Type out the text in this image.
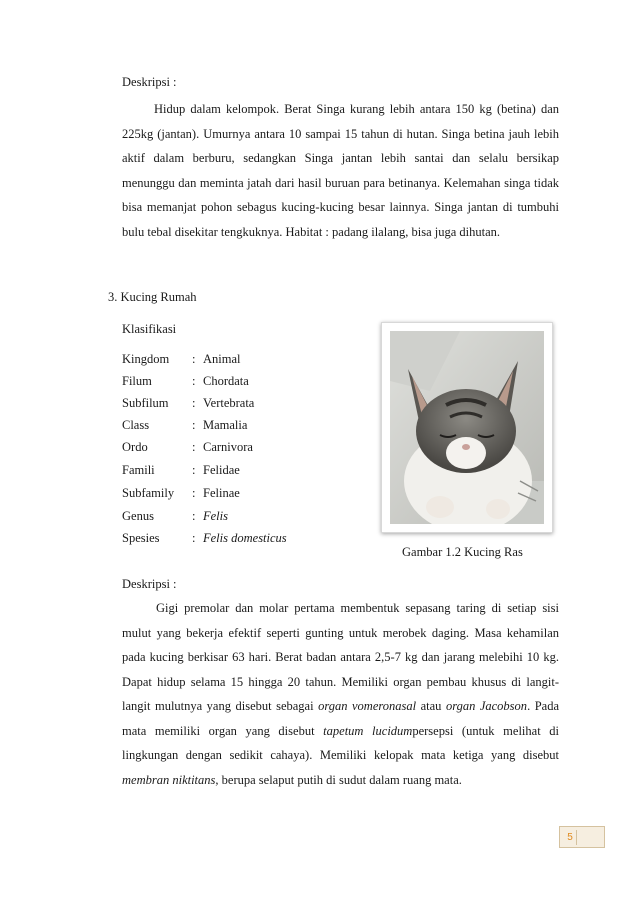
Deskripsi :

Hidup dalam kelompok. Berat Singa kurang lebih antara 150 kg (betina) dan 225kg (jantan). Umurnya antara 10 sampai 15 tahun di hutan. Singa betina jauh lebih aktif dalam berburu, sedangkan Singa jantan lebih santai dan selalu bersikap menunggu dan meminta jatah dari hasil buruan para betinanya. Kelemahan singa tidak bisa memanjat pohon sebagus kucing-kucing besar lainnya. Singa jantan di tumbuhi bulu tebal disekitar tengkuknya. Habitat : padang ilalang, bisa juga dihutan.

3. Kucing Rumah
Klasifikasi
Kingdom : Animal
Filum	: Chordata
Subfilum : Vertebrata
Class	: Mamalia
Ordo	: Carnivora
Famili	: Felidae
Subfamily : Felinae
Genus	: Felis
Spesies	: Felis domesticus
Gambar 1.2 Kucing Ras
Deskripsi :

Gigi premolar dan molar pertama membentuk sepasang taring di setiap sisi mulut yang bekerja efektif seperti gunting untuk merobek daging. Masa kehamilan pada kucing berkisar 63 hari. Berat badan antara 2,5-7 kg dan jarang melebihi 10 kg. Dapat hidup selama 15 hingga 20 tahun. Memiliki organ pembau khusus di langit-langit mulutnya yang disebut sebagai organ vomeronasal atau organ Jacobson. Pada mata memiliki organ yang disebut tapetum lucidumpersepsi (untuk melihat di lingkungan dengan sedikit cahaya). Memiliki kelopak mata ketiga yang disebut membran niktitans, berupa selaput putih di sudut dalam ruang mata.

5
